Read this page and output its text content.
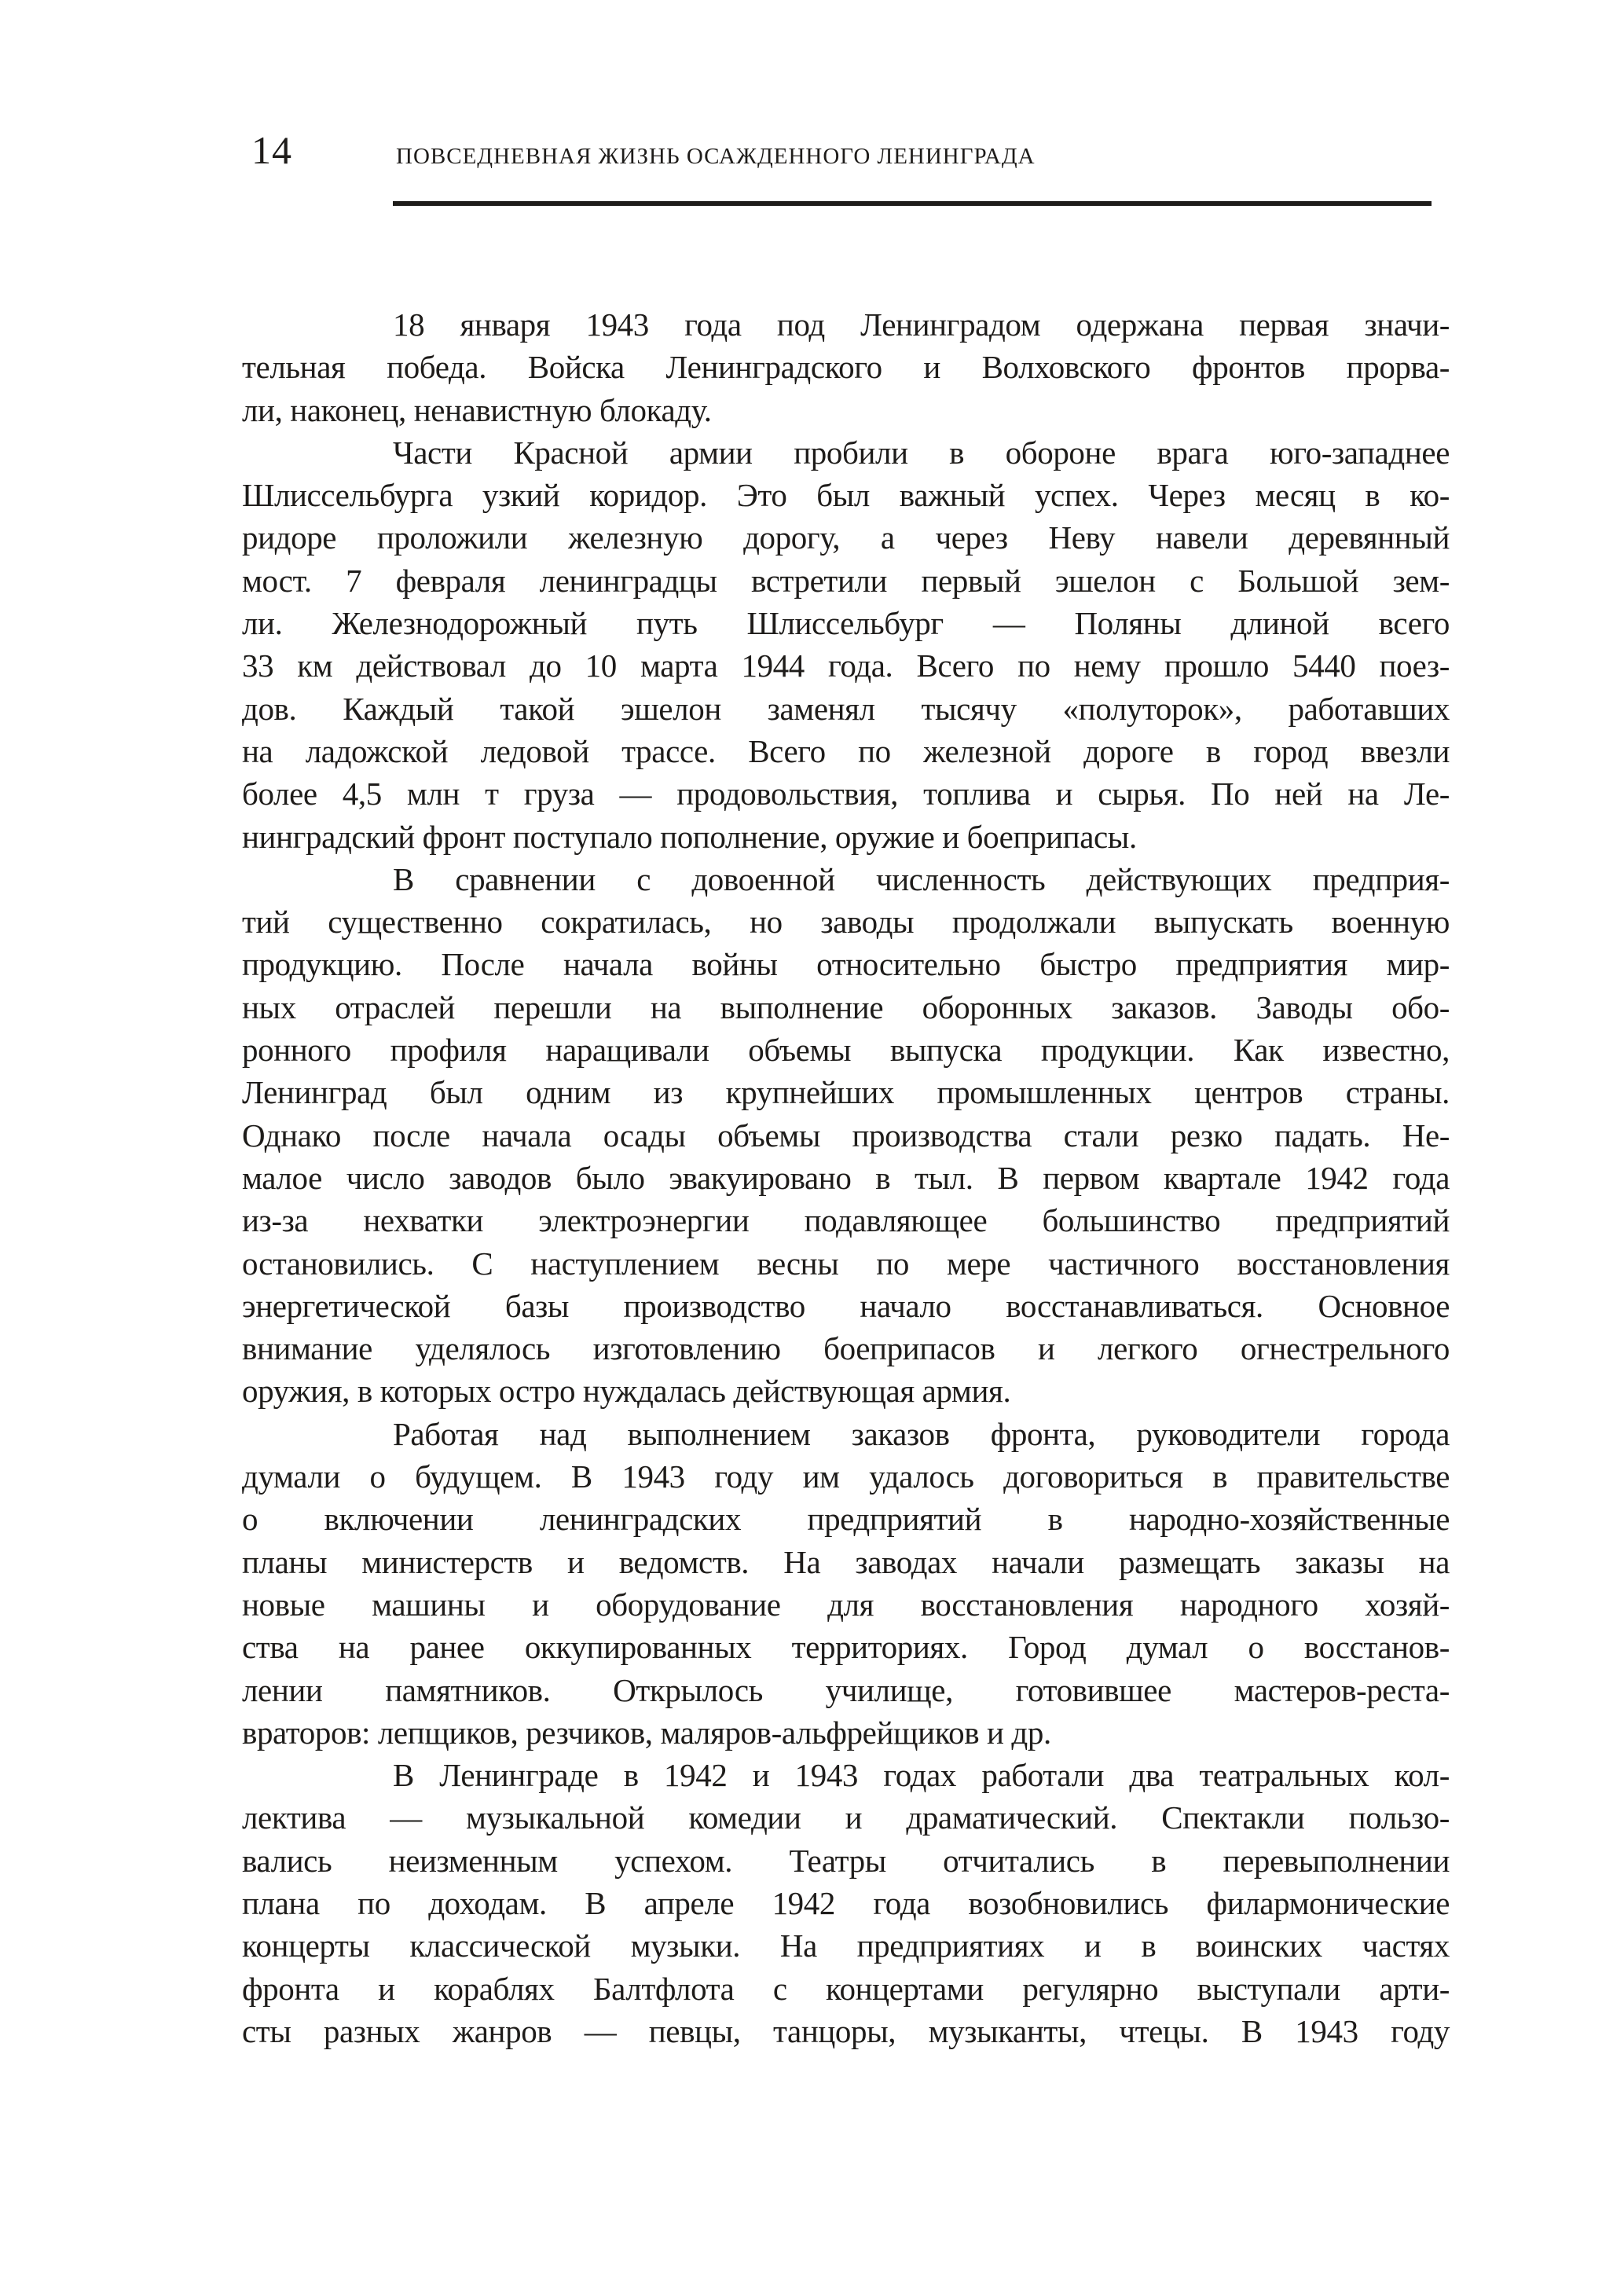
14	ПОВСЕДНЕВНАЯ ЖИЗНЬ ОСАЖДЕННОГО ЛЕНИНГРАДА
18 января 1943 года под Ленинградом одержана первая значи-
тельная победа. Войска Ленинградского и Волховского фронтов прорва-
ли, наконец, ненавистную блокаду.
Части Красной армии пробили в обороне врага юго-западнее
Шлиссельбурга узкий коридор. Это был важный успех. Через месяц в ко-
ридоре проложили железную дорогу, а через Неву навели деревянный
мост. 7 февраля ленинградцы встретили первый эшелон с Большой зем-
ли. Железнодорожный путь Шлиссельбург — Поляны длиной всего
33 км действовал до 10 марта 1944 года. Всего по нему прошло 5440 поез-
дов. Каждый такой эшелон заменял тысячу «полуторок», работавших
на ладожской ледовой трассе. Всего по железной дороге в город ввезли
более 4,5 млн т груза — продовольствия, топлива и сырья. По ней на Ле-
нинградский фронт поступало пополнение, оружие и боеприпасы.
В сравнении с довоенной численность действующих предприя-
тий существенно сократилась, но заводы продолжали выпускать военную
продукцию. После начала войны относительно быстро предприятия мир-
ных отраслей перешли на выполнение оборонных заказов. Заводы обо-
ронного профиля наращивали объемы выпуска продукции. Как известно,
Ленинград был одним из крупнейших промышленных центров страны.
Однако после начала осады объемы производства стали резко падать. Не-
малое число заводов было эвакуировано в тыл. В первом квартале 1942 года
из-за нехватки электроэнергии подавляющее большинство предприятий
остановились. С наступлением весны по мере частичного восстановления
энергетической базы производство начало восстанавливаться. Основное
внимание уделялось изготовлению боеприпасов и легкого огнестрельного
оружия, в которых остро нуждалась действующая армия.
Работая над выполнением заказов фронта, руководители города
думали о будущем. В 1943 году им удалось договориться в правительстве
о включении ленинградских предприятий в народно-хозяйственные
планы министерств и ведомств. На заводах начали размещать заказы на
новые машины и оборудование для восстановления народного хозяй-
ства на ранее оккупированных территориях. Город думал о восстанов-
лении памятников. Открылось училище, готовившее мастеров-реста-
враторов: лепщиков, резчиков, маляров-альфрейщиков и др.
В Ленинграде в 1942 и 1943 годах работали два театральных кол-
лектива — музыкальной комедии и драматический. Спектакли пользо-
вались неизменным успехом. Театры отчитались в перевыполнении
плана по доходам. В апреле 1942 года возобновились филармонические
концерты классической музыки. На предприятиях и в воинских частях
фронта и кораблях Балтфлота с концертами регулярно выступали арти-
сты разных жанров — певцы, танцоры, музыканты, чтецы. В 1943 году
